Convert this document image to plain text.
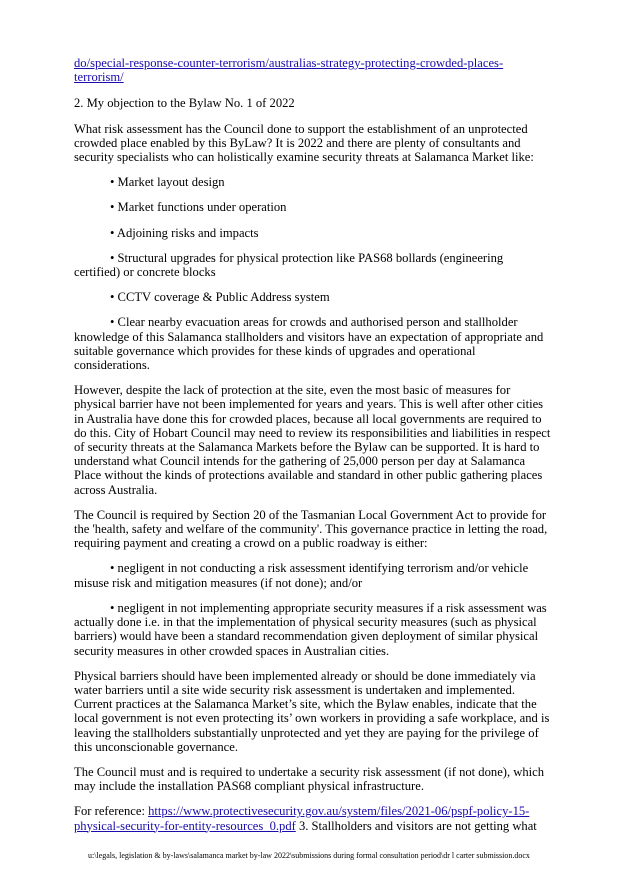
do/special-response-counter-terrorism/australias-strategy-protecting-crowded-places-terrorism/

2. My objection to the Bylaw No. 1 of 2022

What risk assessment has the Council done to support the establishment of an unprotected crowded place enabled by this ByLaw? It is 2022 and there are plenty of consultants and security specialists who can holistically examine security threats at Salamanca Market like:

• Market layout design

• Market functions under operation

• Adjoining risks and impacts

• Structural upgrades for physical protection like PAS68 bollards (engineering certified) or concrete blocks

• CCTV coverage & Public Address system

• Clear nearby evacuation areas for crowds and authorised person and stallholder knowledge of this Salamanca stallholders and visitors have an expectation of appropriate and suitable governance which provides for these kinds of upgrades and operational considerations.

However, despite the lack of protection at the site, even the most basic of measures for physical barrier have not been implemented for years and years. This is well after other cities in Australia have done this for crowded places, because all local governments are required to do this. City of Hobart Council may need to review its responsibilities and liabilities in respect of security threats at the Salamanca Markets before the Bylaw can be supported. It is hard to understand what Council intends for the gathering of 25,000 person per day at Salamanca Place without the kinds of protections available and standard in other public gathering places across Australia.

The Council is required by Section 20 of the Tasmanian Local Government Act to provide for the 'health, safety and welfare of the community'. This governance practice in letting the road, requiring payment and creating a crowd on a public roadway is either:

• negligent in not conducting a risk assessment identifying terrorism and/or vehicle misuse risk and mitigation measures (if not done); and/or

• negligent in not implementing appropriate security measures if a risk assessment was actually done i.e. in that the implementation of physical security measures (such as physical barriers) would have been a standard recommendation given deployment of similar physical security measures in other crowded spaces in Australian cities.

Physical barriers should have been implemented already or should be done immediately via water barriers until a site wide security risk assessment is undertaken and implemented. Current practices at the Salamanca Market’s site, which the Bylaw enables, indicate that the local government is not even protecting its’ own workers in providing a safe workplace, and is leaving the stallholders substantially unprotected and yet they are paying for the privilege of this unconscionable governance.

The Council must and is required to undertake a security risk assessment (if not done), which may include the installation PAS68 compliant physical infrastructure.

For reference: https://www.protectivesecurity.gov.au/system/files/2021-06/pspf-policy-15-physical-security-for-entity-resources_0.pdf 3. Stallholders and visitors are not getting what

u:\legals, legislation & by-laws\salamanca market by-law 2022\submissions during formal consultation period\dr l carter submission.docx
